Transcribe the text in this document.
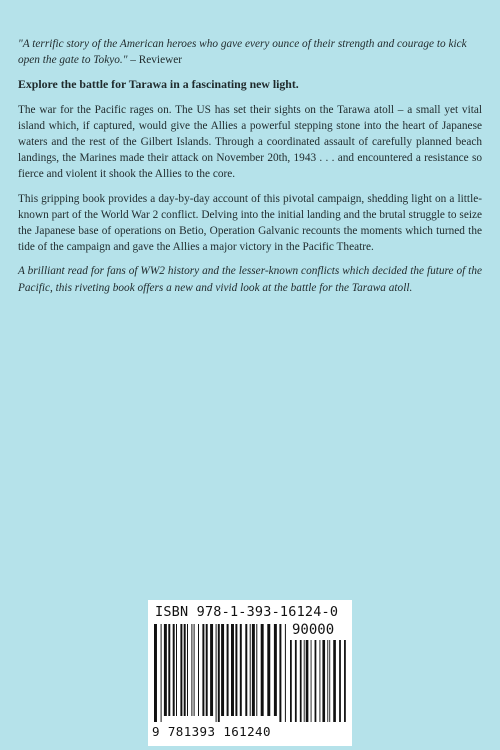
"A terrific story of the American heroes who gave every ounce of their strength and courage to kick open the gate to Tokyo." – Reviewer

Explore the battle for Tarawa in a fascinating new light.

The war for the Pacific rages on. The US has set their sights on the Tarawa atoll – a small yet vital island which, if captured, would give the Allies a powerful stepping stone into the heart of Japanese waters and the rest of the Gilbert Islands. Through a coordinated assault of carefully planned beach landings, the Marines made their attack on November 20th, 1943 . . . and encountered a resistance so fierce and violent it shook the Allies to the core.

This gripping book provides a day-by-day account of this pivotal campaign, shedding light on a little-known part of the World War 2 conflict. Delving into the initial landing and the brutal struggle to seize the Japanese base of operations on Betio, Operation Galvanic recounts the moments which turned the tide of the campaign and gave the Allies a major victory in the Pacific Theatre.

A brilliant read for fans of WW2 history and the lesser-known conflicts which decided the future of the Pacific, this riveting book offers a new and vivid look at the battle for the Tarawa atoll.

ISBN 978-1-393-16124-0
90000
9 781393 161240
